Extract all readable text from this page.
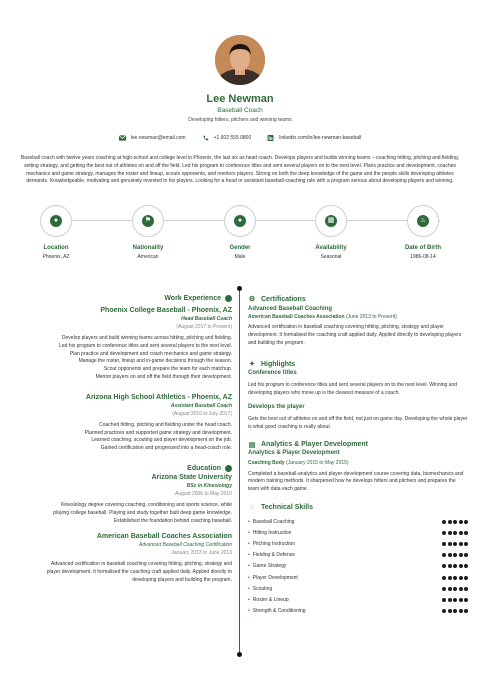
Lee Newman
Baseball Coach
Developing hitters, pitchers and winning teams
lee.newman@email.com	+1 602 555 0800	linkedin.com/in/lee-newman-baseball
Baseball coach with twelve years coaching at high-school and college level in Phoenix, the last six as head coach. Develops players and builds winning teams – coaching hitting, pitching and fielding, setting strategy, and getting the best out of athletes on and off the field. Led his program to conference titles and sent several players on to the next level. Plans practice and development, coaches mechanics and game strategy, manages the roster and lineup, scouts opponents, and mentors players. Strong on both the deep knowledge of the game and the people skills developing athletes demands. Knowledgeable, motivating and genuinely invested in his players. Looking for a head or assistant baseball-coaching role with a program serious about developing players and winning.
●
Location
Phoenix, AZ
⚑
Nationality
American
●
Gender
Male
▦
Availability
Seasonal
♨
Date of Birth
1986-08-14
Work Experience
Phoenix College Baseball - Phoenix, AZ
Head Baseball Coach
(August 2017 to Present)
Develop players and build winning teams across hitting, pitching and fielding.
Led his program to conference titles and sent several players to the next level.
Plan practice and development and coach mechanics and game strategy.
Manage the roster, lineup and in-game decisions through the season.
Scout opponents and prepare the team for each matchup.
Mentor players on and off the field through their development.
Arizona High School Athletics - Phoenix, AZ
Assistant Baseball Coach
(August 2010 to July 2017)
Coached hitting, pitching and fielding under the head coach.
Planned practices and supported game strategy and development.
Learned coaching, scouting and player development on the job.
Gained certification and progressed into a head-coach role.
Education
Arizona State University
BSc in Kinesiology
August 2006 to May 2010
Kinesiology degree covering coaching, conditioning and sports science, while
playing college baseball. Playing and study together built deep game knowledge.
Established the foundation behind coaching baseball.
American Baseball Coaches Association
Advanced Baseball Coaching Certification
January 2013 to June 2013
Advanced certification in baseball coaching covering hitting, pitching, strategy and
player development. It formalised the coaching craft applied daily. Applied directly to
developing players and building the program.
⚙ Certifications
Advanced Baseball Coaching
American Baseball Coaches Association (June 2013 to Present)
Advanced certification in baseball coaching covering hitting, pitching, strategy and player development. It formalised the coaching craft applied daily. Applied directly to developing players and building the program.
✦ Highlights
Conference titles
Led his program to conference titles and sent several players on to the next level. Winning and developing players who move up is the clearest measure of a coach.
Develops the player
Gets the best out of athletes on and off the field, not just on game day. Developing the whole player is what good coaching is really about.
▤ Analytics & Player Development
Analytics & Player Development
Coaching Body (January 2015 to May 2015)
Completed a baseball-analytics and player-development course covering data, biomechanics and modern training methods. It sharpened how he develops hitters and pitchers and prepares the team with data each game.
◌ Technical Skills
• Baseball Coaching
• Hitting Instruction
• Pitching Instruction
• Fielding & Defense
• Game Strategy
• Player Development
• Scouting
• Roster & Lineup
• Strength & Conditioning
